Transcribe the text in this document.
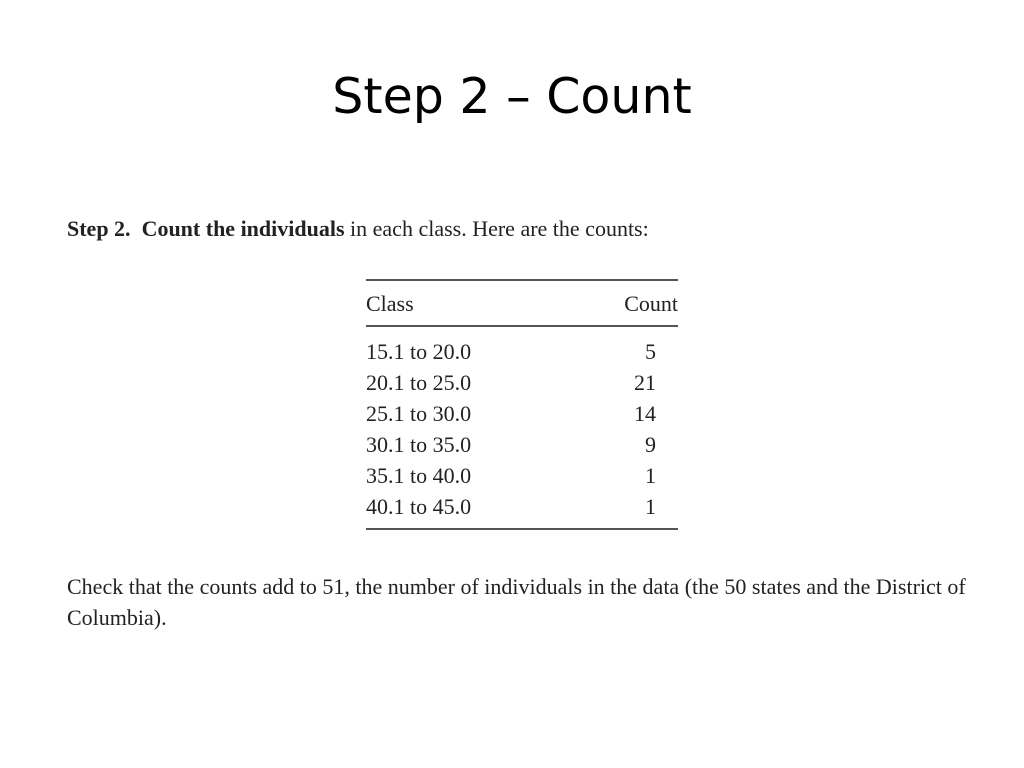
Step 2 – Count

Step 2. Count the individuals in each class. Here are the counts:

Class	Count
15.1 to 20.0	5
20.1 to 25.0	21
25.1 to 30.0	14
30.1 to 35.0	9
35.1 to 40.0	1
40.1 to 45.0	1

Check that the counts add to 51, the number of individuals in the data (the 50 states and the District of Columbia).
